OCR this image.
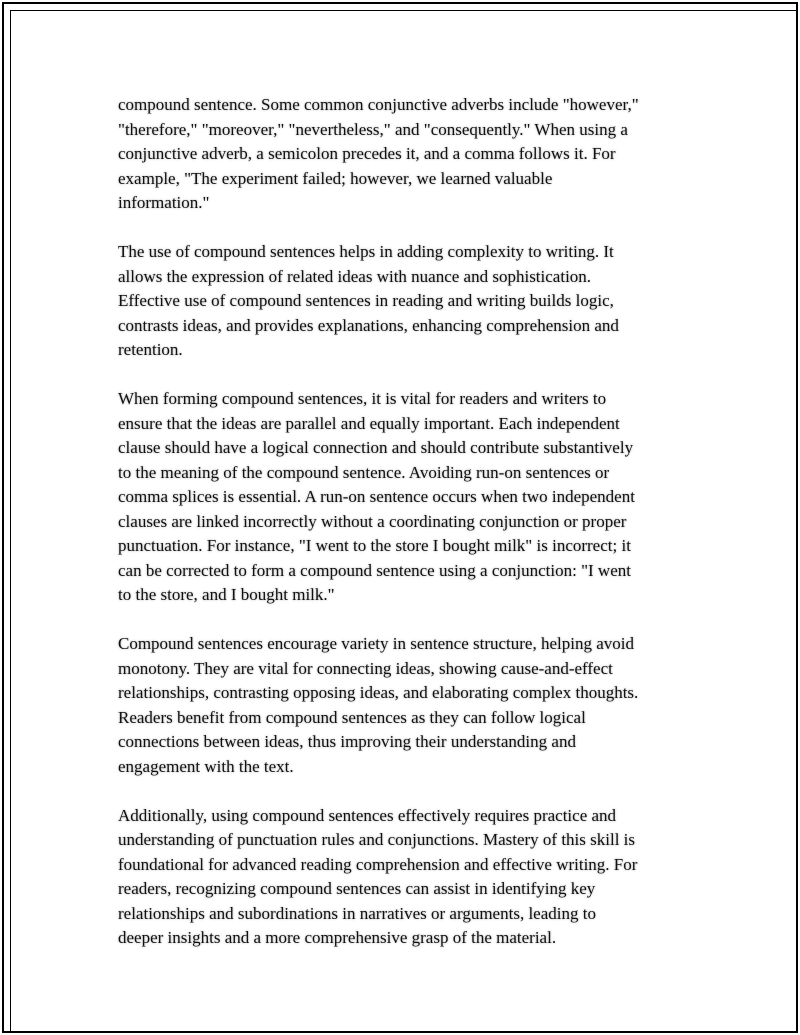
compound sentence. Some common conjunctive adverbs include "however,"
"therefore," "moreover," "nevertheless," and "consequently." When using a
conjunctive adverb, a semicolon precedes it, and a comma follows it. For
example, "The experiment failed; however, we learned valuable
information."

The use of compound sentences helps in adding complexity to writing. It
allows the expression of related ideas with nuance and sophistication.
Effective use of compound sentences in reading and writing builds logic,
contrasts ideas, and provides explanations, enhancing comprehension and
retention.

When forming compound sentences, it is vital for readers and writers to
ensure that the ideas are parallel and equally important. Each independent
clause should have a logical connection and should contribute substantively
to the meaning of the compound sentence. Avoiding run-on sentences or
comma splices is essential. A run-on sentence occurs when two independent
clauses are linked incorrectly without a coordinating conjunction or proper
punctuation. For instance, "I went to the store I bought milk" is incorrect; it
can be corrected to form a compound sentence using a conjunction: "I went
to the store, and I bought milk."

Compound sentences encourage variety in sentence structure, helping avoid
monotony. They are vital for connecting ideas, showing cause-and-effect
relationships, contrasting opposing ideas, and elaborating complex thoughts.
Readers benefit from compound sentences as they can follow logical
connections between ideas, thus improving their understanding and
engagement with the text.

Additionally, using compound sentences effectively requires practice and
understanding of punctuation rules and conjunctions. Mastery of this skill is
foundational for advanced reading comprehension and effective writing. For
readers, recognizing compound sentences can assist in identifying key
relationships and subordinations in narratives or arguments, leading to
deeper insights and a more comprehensive grasp of the material.
